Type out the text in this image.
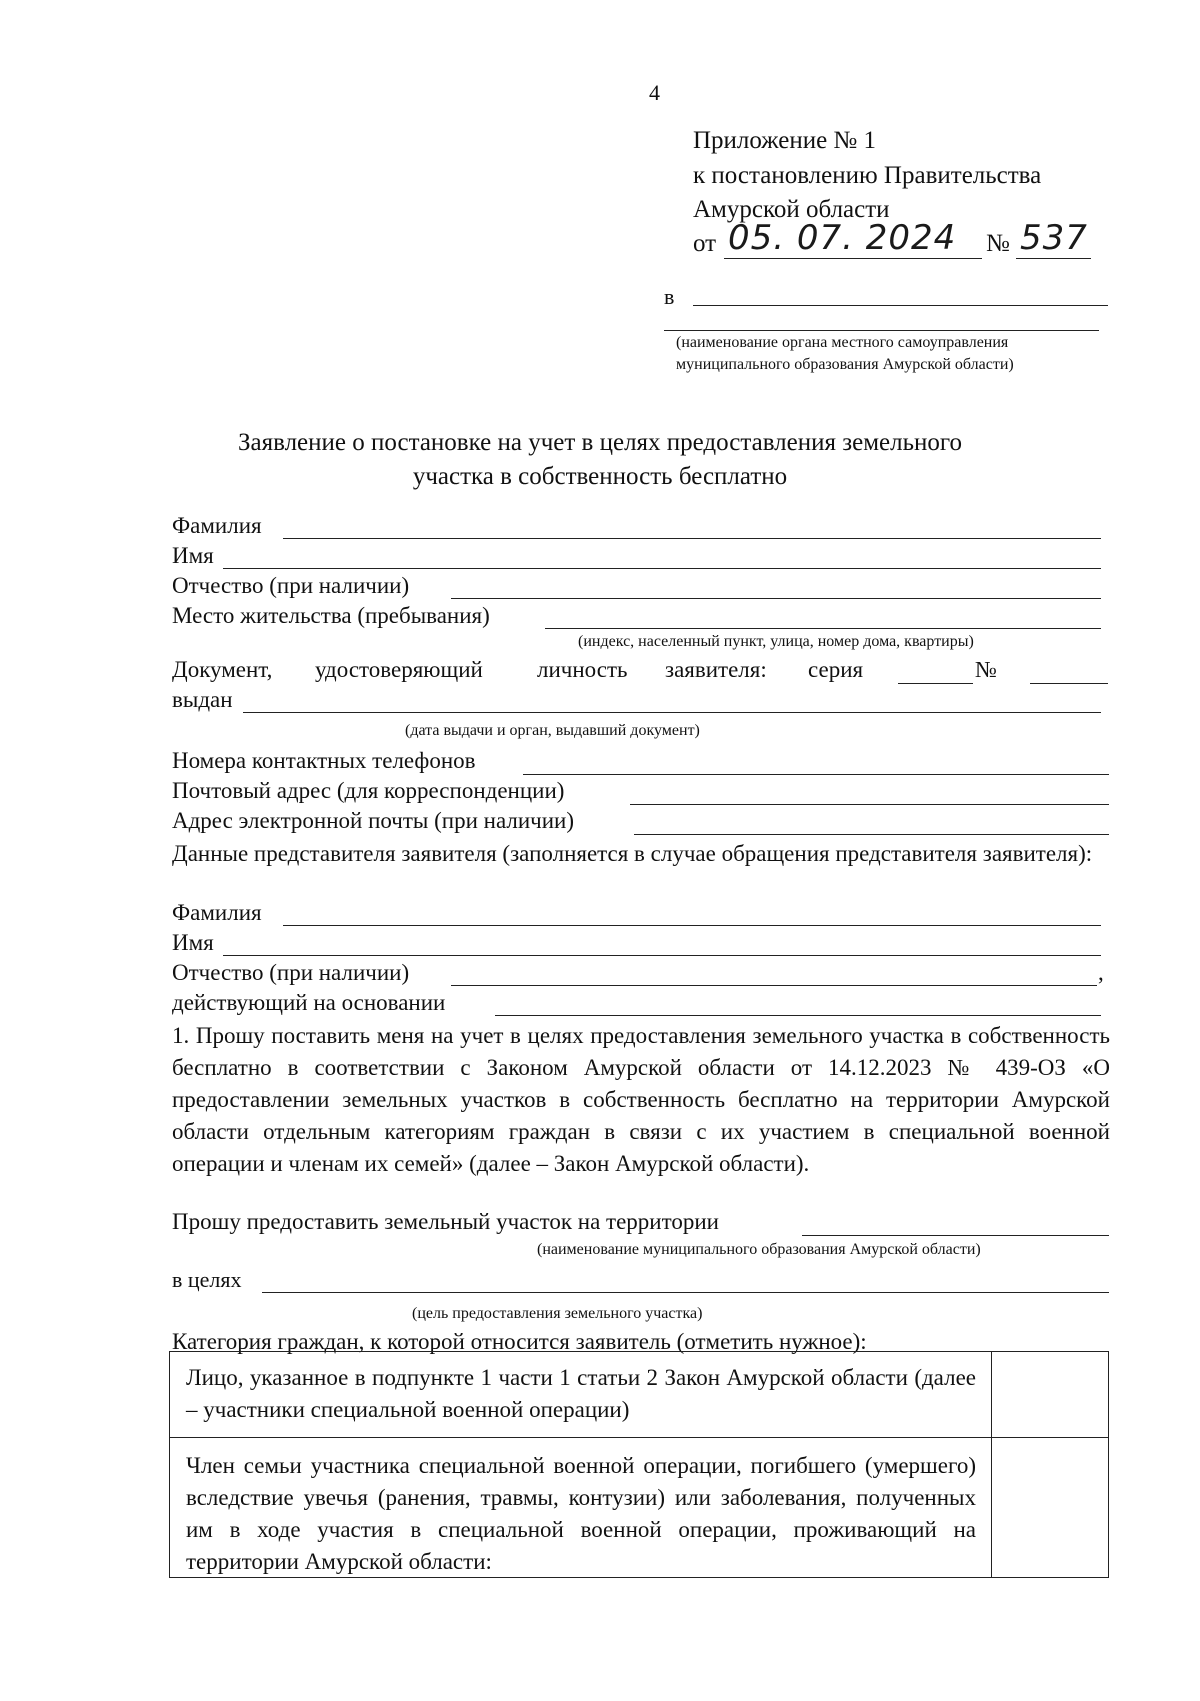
4
Приложение № 1
к постановлению Правительства
Амурской области
от 05. 07. 2024 № 537
в
(наименование органа местного самоуправления
муниципального образования Амурской области)
Заявление о постановке на учет в целях предоставления земельного
участка в собственность бесплатно
Фамилия
Имя
Отчество (при наличии)
Место жительства (пребывания)
(индекс, населенный пункт, улица, номер дома, квартиры)
Документ, удостоверяющий личность заявителя: серия	№
выдан
(дата выдачи и орган, выдавший документ)
Номера контактных телефонов
Почтовый адрес (для корреспонденции)
Адрес электронной почты (при наличии)
Данные представителя заявителя (заполняется в случае обращения представителя заявителя):
Фамилия
Имя
Отчество (при наличии)	,
действующий на основании
1. Прошу поставить меня на учет в целях предоставления земельного участка в собственность бесплатно в соответствии с Законом Амурской области от 14.12.2023 № 439-ОЗ «О предоставлении земельных участков в собственность бесплатно на территории Амурской области отдельным категориям граждан в связи с их участием в специальной военной операции и членам их семей» (далее – Закон Амурской области).
Прошу предоставить земельный участок на территории
(наименование муниципального образования Амурской области)
в целях
(цель предоставления земельного участка)
Категория граждан, к которой относится заявитель (отметить нужное):
Лицо, указанное в подпункте 1 части 1 статьи 2 Закон Амурской области (далее – участники специальной военной операции)
Член семьи участника специальной военной операции, погибшего (умершего) вследствие увечья (ранения, травмы, контузии) или заболевания, полученных им в ходе участия в специальной военной операции, проживающий на территории Амурской области:
